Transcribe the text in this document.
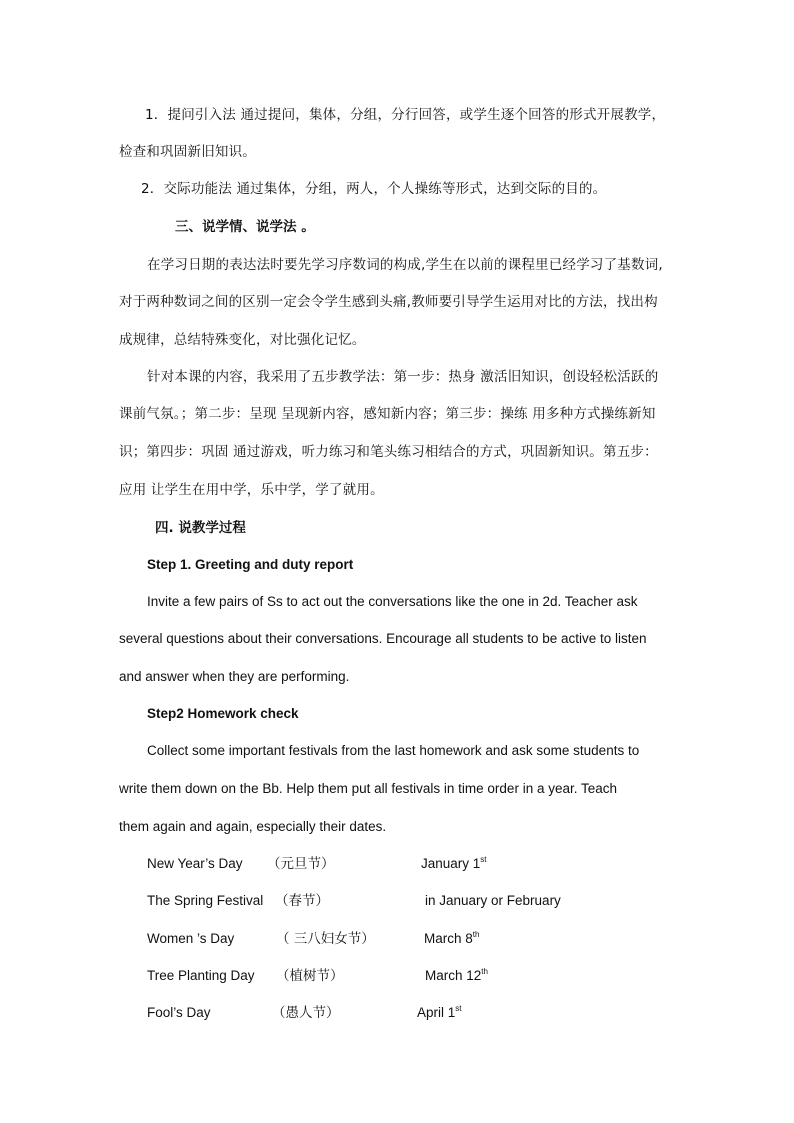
1．提问引入法 通过提问，集体，分组，分行回答，或学生逐个回答的形式开展教学，
检查和巩固新旧知识。
2．交际功能法 通过集体，分组，两人，个人操练等形式，达到交际的目的。
三、说学情、说学法 。
在学习日期的表达法时要先学习序数词的构成,学生在以前的课程里已经学习了基数词,
对于两种数词之间的区别一定会令学生感到头痛,教师要引导学生运用对比的方法，找出构
成规律，总结特殊变化，对比强化记忆。
针对本课的内容，我采用了五步教学法：第一步：热身 激活旧知识，创设轻松活跃的
课前气氛。；第二步：呈现 呈现新内容，感知新内容；第三步：操练 用多种方式操练新知
识；第四步：巩固 通过游戏，听力练习和笔头练习相结合的方式，巩固新知识。第五步：
应用 让学生在用中学，乐中学，学了就用。
四. 说教学过程
Step 1. Greeting and duty report
Invite a few pairs of Ss to act out the conversations like the one in 2d. Teacher ask
several questions about their conversations. Encourage all students to be active to listen
and answer when they are performing.
Step2 Homework check
Collect some important festivals from the last homework and ask some students to
write them down on the Bb. Help them put all festivals in time order in a year. Teach
them again and again, especially their dates.
New Year’s Day （元旦节）	January 1st
The Spring Festival （春节）	in January or February
Women ’s Day	（ 三八妇女节）	March 8th
Tree Planting Day （植树节）	March 12th
Fool’s Day	（愚人节）	April 1st
